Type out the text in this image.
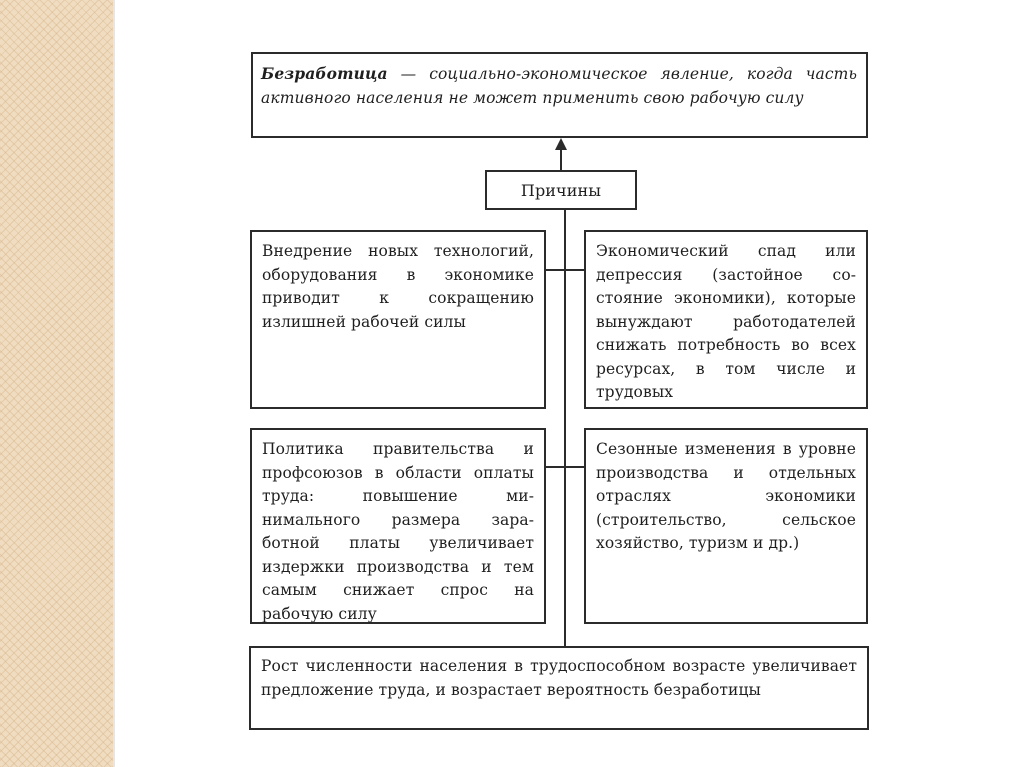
Безработица — социально-экономическое явление, когда часть активного населения не может применить свою рабочую силу

Причины

Внедрение новых технологий, оборудования в экономике приводит к сокращению излишней рабочей силы

Экономический спад или депрессия (застойное состояние экономики), которые вынуждают работодателей снижать потребность во всех ресурсах, в том числе и трудовых

Политика правительства и профсоюзов в области оплаты труда: повышение минимального размера заработной платы увеличивает издержки производства и тем самым снижает спрос на рабочую силу

Сезонные изменения в уровне производства и отдельных отраслях экономики (строительство, сельское хозяйство, туризм и др.)

Рост численности населения в трудоспособном возрасте увеличивает предложение труда, и возрастает вероятность безработицы
